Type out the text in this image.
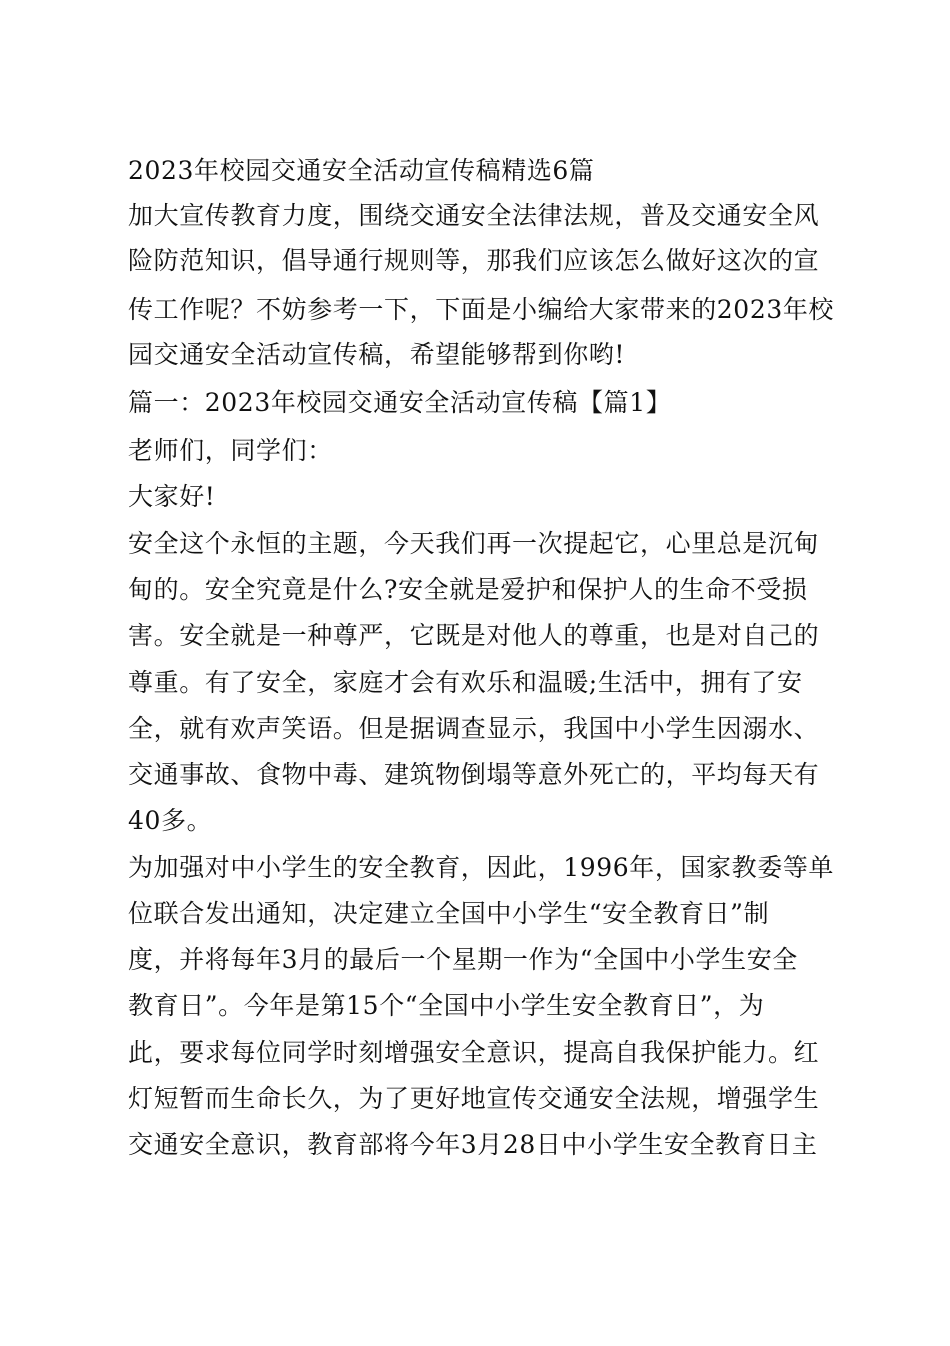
2023年校园交通安全活动宣传稿精选6篇
加大宣传教育力度，围绕交通安全法律法规，普及交通安全风
险防范知识，倡导通行规则等，那我们应该怎么做好这次的宣
传工作呢？不妨参考一下，下面是小编给大家带来的2023年校
园交通安全活动宣传稿，希望能够帮到你哟!
篇一：2023年校园交通安全活动宣传稿【篇1】
老师们，同学们：
大家好!
安全这个永恒的主题，今天我们再一次提起它，心里总是沉甸
甸的。安全究竟是什么?安全就是爱护和保护人的生命不受损
害。安全就是一种尊严，它既是对他人的尊重，也是对自己的
尊重。有了安全，家庭才会有欢乐和温暖;生活中，拥有了安
全，就有欢声笑语。但是据调查显示，我国中小学生因溺水、
交通事故、食物中毒、建筑物倒塌等意外死亡的，平均每天有
40多。
为加强对中小学生的安全教育，因此，1996年，国家教委等单
位联合发出通知，决定建立全国中小学生“安全教育日”制
度，并将每年3月的最后一个星期一作为“全国中小学生安全
教育日”。今年是第15个“全国中小学生安全教育日”，为
此，要求每位同学时刻增强安全意识，提高自我保护能力。红
灯短暂而生命长久，为了更好地宣传交通安全法规，增强学生
交通安全意识，教育部将今年3月28日中小学生安全教育日主
